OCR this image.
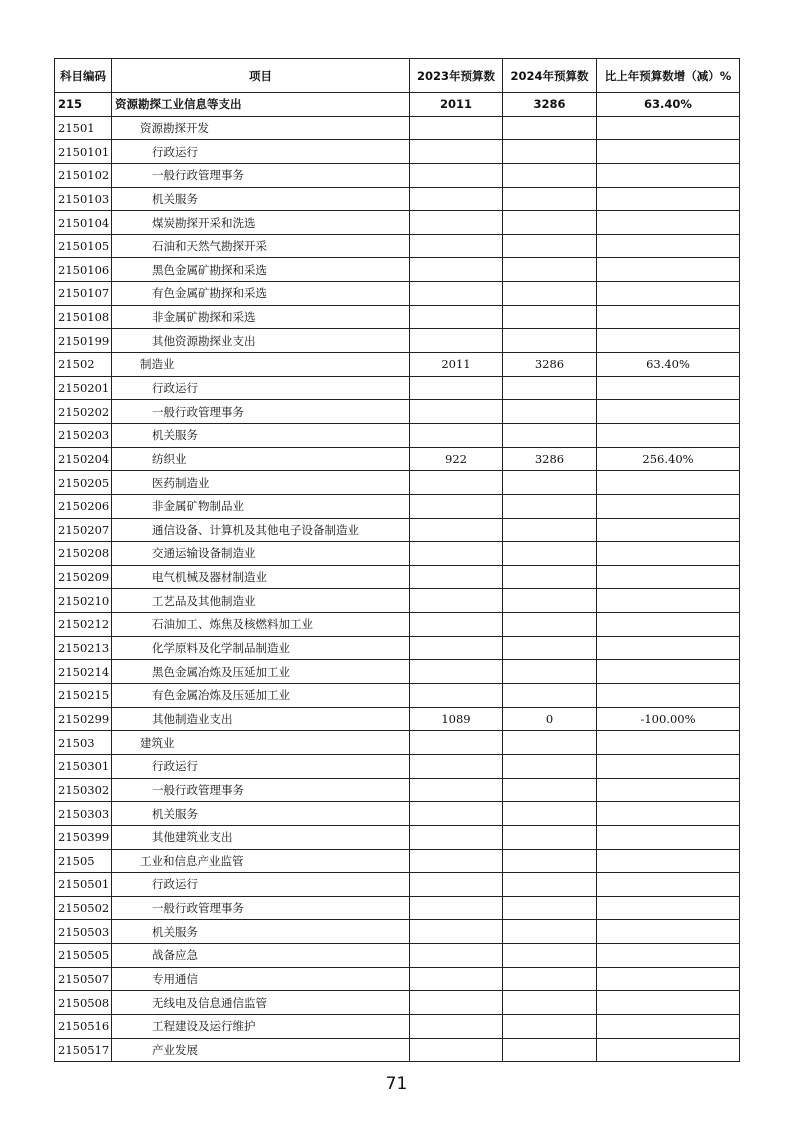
科目编码	项目	2023年预算数	2024年预算数	比上年预算数增（减）%
215	资源勘探工业信息等支出	2011	3286	63.40%
21501	资源勘探开发			
2150101	行政运行			
2150102	一般行政管理事务			
2150103	机关服务			
2150104	煤炭勘探开采和洗选			
2150105	石油和天然气勘探开采			
2150106	黑色金属矿勘探和采选			
2150107	有色金属矿勘探和采选			
2150108	非金属矿勘探和采选			
2150199	其他资源勘探业支出			
21502	制造业	2011	3286	63.40%
2150201	行政运行			
2150202	一般行政管理事务			
2150203	机关服务			
2150204	纺织业	922	3286	256.40%
2150205	医药制造业			
2150206	非金属矿物制品业			
2150207	通信设备、计算机及其他电子设备制造业			
2150208	交通运输设备制造业			
2150209	电气机械及器材制造业			
2150210	工艺品及其他制造业			
2150212	石油加工、炼焦及核燃料加工业			
2150213	化学原料及化学制品制造业			
2150214	黑色金属冶炼及压延加工业			
2150215	有色金属冶炼及压延加工业			
2150299	其他制造业支出	1089	0	-100.00%
21503	建筑业			
2150301	行政运行			
2150302	一般行政管理事务			
2150303	机关服务			
2150399	其他建筑业支出			
21505	工业和信息产业监管			
2150501	行政运行			
2150502	一般行政管理事务			
2150503	机关服务			
2150505	战备应急			
2150507	专用通信			
2150508	无线电及信息通信监管			
2150516	工程建设及运行维护			
2150517	产业发展			
71
